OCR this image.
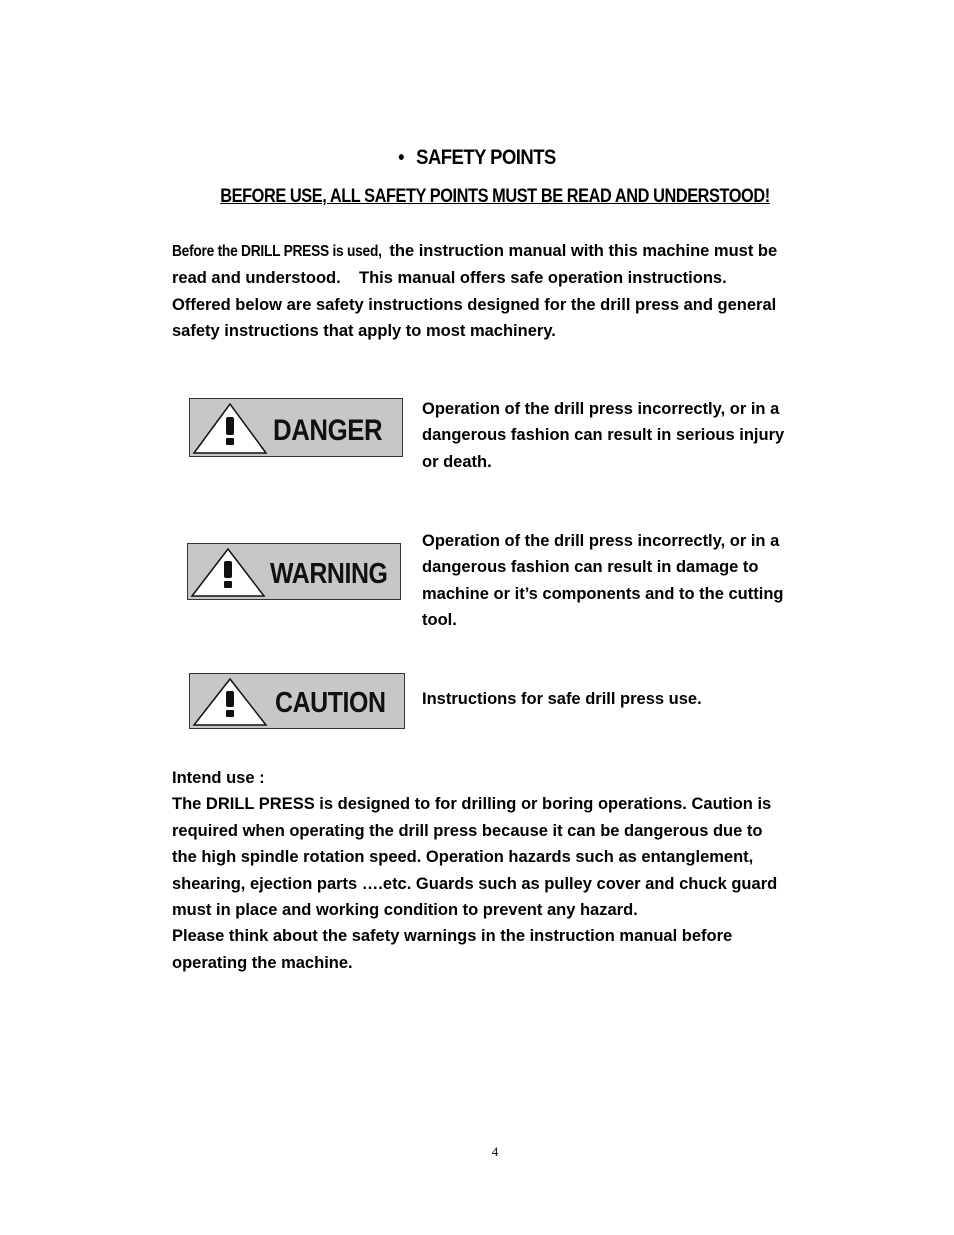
• SAFETY POINTS
BEFORE USE, ALL SAFETY POINTS MUST BE READ AND UNDERSTOOD!
Before the DRILL PRESS is used, the instruction manual with this machine must be
read and understood.    This manual offers safe operation instructions.
Offered below are safety instructions designed for the drill press and general
safety instructions that apply to most machinery.
DANGER
Operation of the drill press incorrectly, or in a
dangerous fashion can result in serious injury
or death.
WARNING
Operation of the drill press incorrectly, or in a
dangerous fashion can result in damage to
machine or it’s components and to the cutting
tool.
CAUTION Instructions for safe drill press use.
Intend use :
The DRILL PRESS is designed to for drilling or boring operations. Caution is
required when operating the drill press because it can be dangerous due to
the high spindle rotation speed. Operation hazards such as entanglement,
shearing, ejection parts ….etc. Guards such as pulley cover and chuck guard
must in place and working condition to prevent any hazard.
Please think about the safety warnings in the instruction manual before
operating the machine.
4
